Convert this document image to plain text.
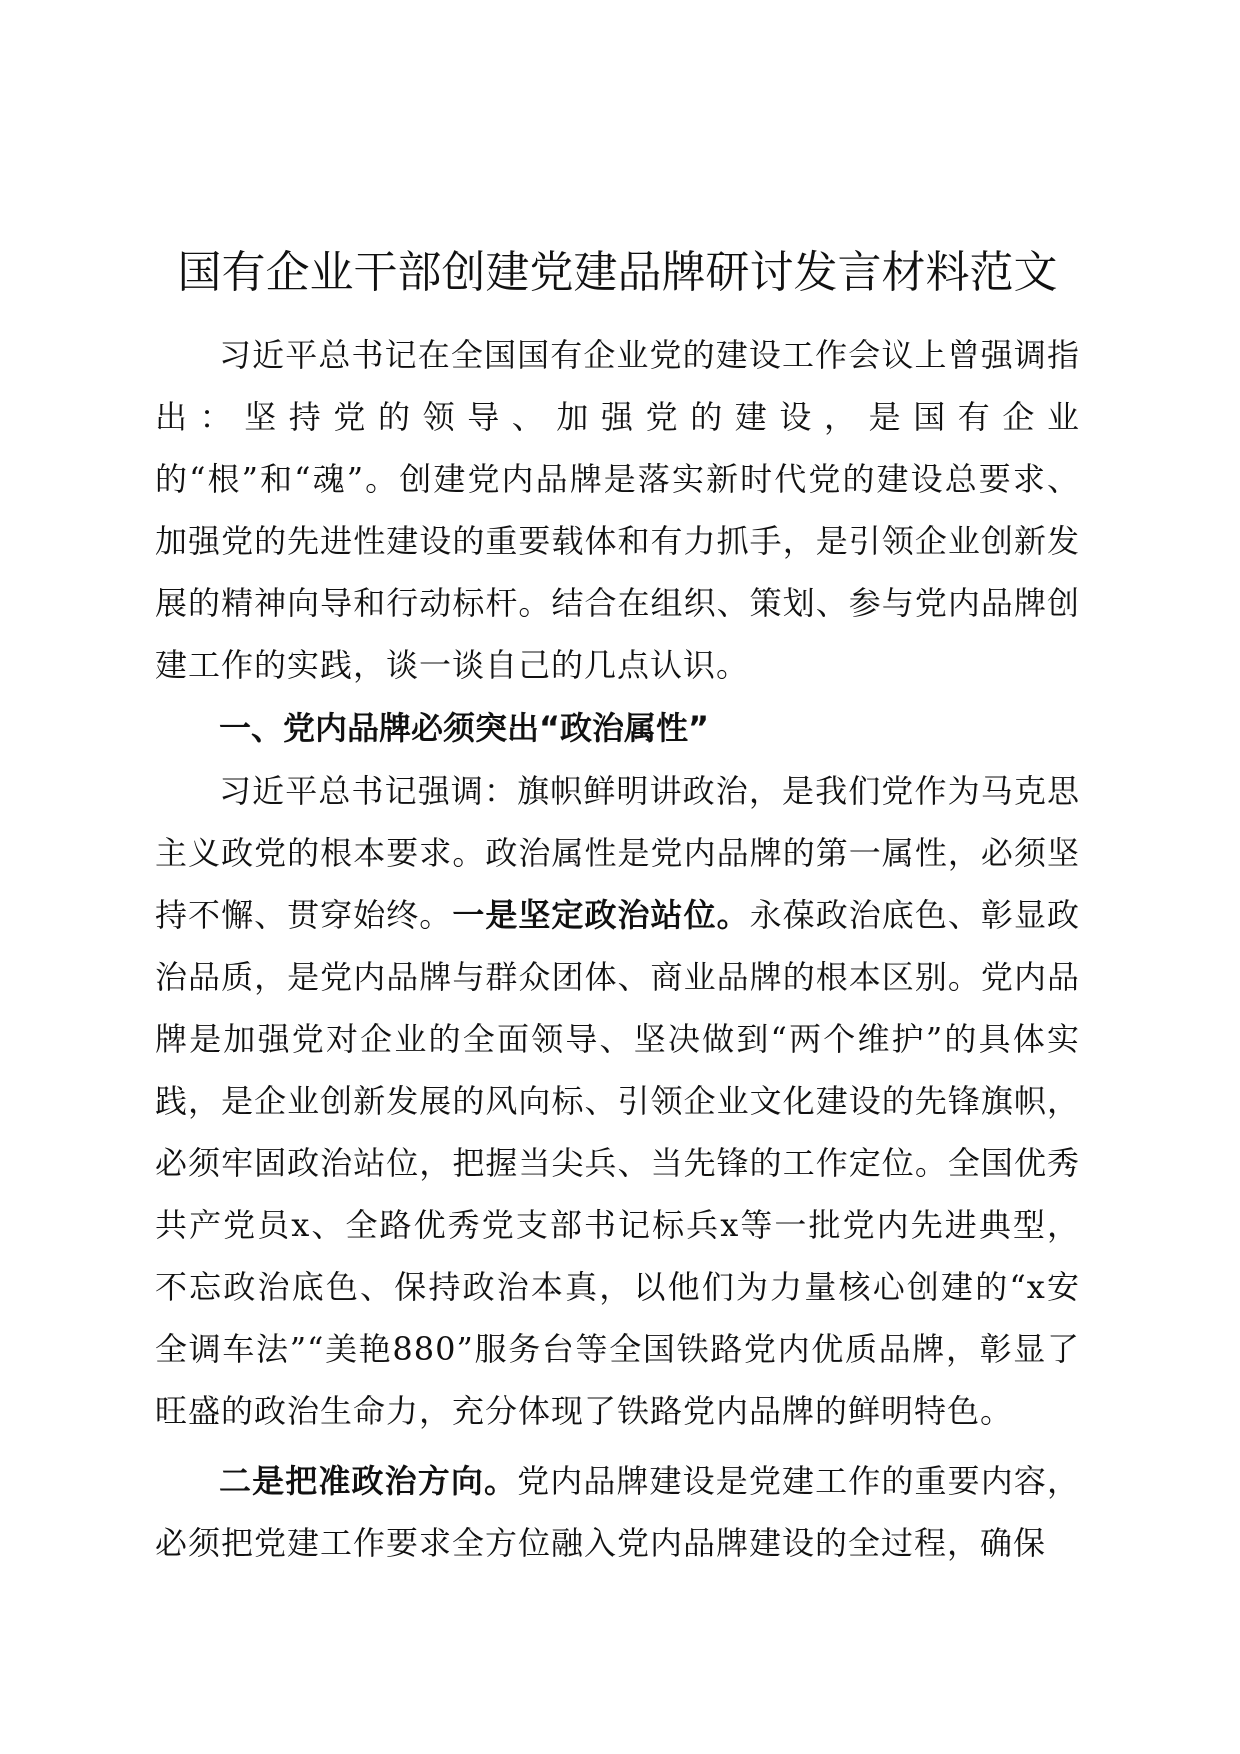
国有企业干部创建党建品牌研讨发言材料范文

习近平总书记在全国国有企业党的建设工作会议上曾强调指出：坚持党的领导、加强党的建设，是国有企业的“根”和“魂”。创建党内品牌是落实新时代党的建设总要求、加强党的先进性建设的重要载体和有力抓手，是引领企业创新发展的精神向导和行动标杆。结合在组织、策划、参与党内品牌创建工作的实践，谈一谈自己的几点认识。

一、党内品牌必须突出“政治属性”

习近平总书记强调：旗帜鲜明讲政治，是我们党作为马克思主义政党的根本要求。政治属性是党内品牌的第一属性，必须坚持不懈、贯穿始终。一是坚定政治站位。永葆政治底色、彰显政治品质，是党内品牌与群众团体、商业品牌的根本区别。党内品牌是加强党对企业的全面领导、坚决做到“两个维护”的具体实践，是企业创新发展的风向标、引领企业文化建设的先锋旗帜，必须牢固政治站位，把握当尖兵、当先锋的工作定位。全国优秀共产党员x、全路优秀党支部书记标兵x等一批党内先进典型，不忘政治底色、保持政治本真，以他们为力量核心创建的“x安全调车法”“美艳880”服务台等全国铁路党内优质品牌，彰显了旺盛的政治生命力，充分体现了铁路党内品牌的鲜明特色。

二是把准政治方向。党内品牌建设是党建工作的重要内容，必须把党建工作要求全方位融入党内品牌建设的全过程，确保
